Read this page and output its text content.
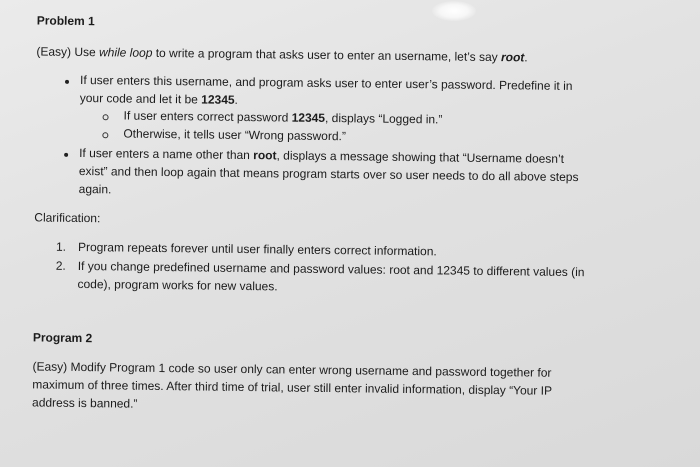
Problem 1
(Easy) Use while loop to write a program that asks user to enter an username, let’s say root.
If user enters this username, and program asks user to enter user’s password. Predefine it in
your code and let it be 12345.
If user enters correct password 12345, displays “Logged in.”
Otherwise, it tells user “Wrong password.”
If user enters a name other than root, displays a message showing that “Username doesn’t
exist” and then loop again that means program starts over so user needs to do all above steps
again.
Clarification:
1. Program repeats forever until user finally enters correct information.
2. If you change predefined username and password values: root and 12345 to different values (in
code), program works for new values.
Program 2
(Easy) Modify Program 1 code so user only can enter wrong username and password together for
maximum of three times. After third time of trial, user still enter invalid information, display “Your IP
address is banned.”
